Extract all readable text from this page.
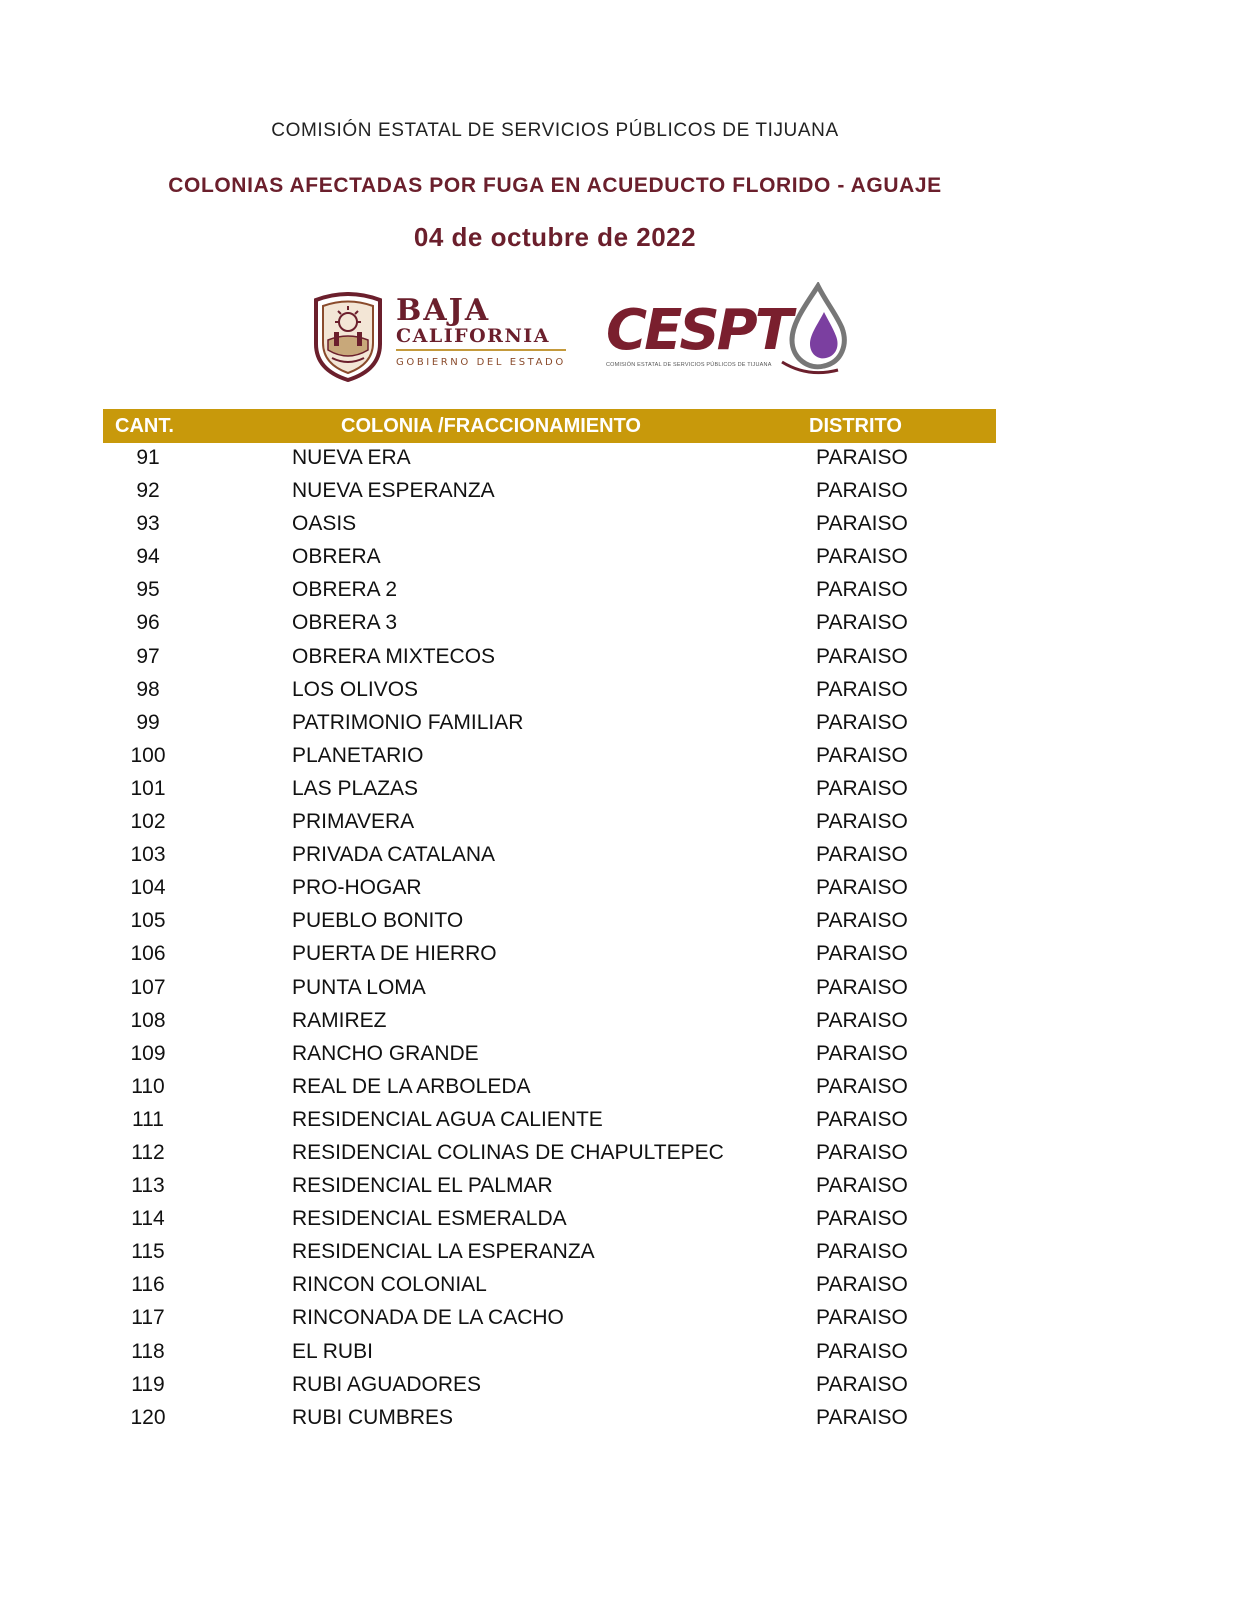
COMISIÓN ESTATAL DE SERVICIOS PÚBLICOS DE TIJUANA
COLONIAS AFECTADAS POR FUGA EN ACUEDUCTO FLORIDO - AGUAJE
04 de octubre de 2022
BAJA
CALIFORNIA
GOBIERNO DEL ESTADO CESPT
COMISIÓN ESTATAL DE SERVICIOS PÚBLICOS DE TIJUANA
CANT.	COLONIA /FRACCIONAMIENTO	DISTRITO
91	NUEVA ERA	PARAISO
92	NUEVA ESPERANZA	PARAISO
93	OASIS	PARAISO
94	OBRERA	PARAISO
95	OBRERA 2	PARAISO
96	OBRERA 3	PARAISO
97	OBRERA MIXTECOS	PARAISO
98	LOS OLIVOS	PARAISO
99	PATRIMONIO FAMILIAR	PARAISO
100	PLANETARIO	PARAISO
101	LAS PLAZAS	PARAISO
102	PRIMAVERA	PARAISO
103	PRIVADA CATALANA	PARAISO
104	PRO-HOGAR	PARAISO
105	PUEBLO BONITO	PARAISO
106	PUERTA DE HIERRO	PARAISO
107	PUNTA LOMA	PARAISO
108	RAMIREZ	PARAISO
109	RANCHO GRANDE	PARAISO
110	REAL DE LA ARBOLEDA	PARAISO
111	RESIDENCIAL AGUA CALIENTE	PARAISO
112	RESIDENCIAL COLINAS DE CHAPULTEPEC	PARAISO
113	RESIDENCIAL EL PALMAR	PARAISO
114	RESIDENCIAL ESMERALDA	PARAISO
115	RESIDENCIAL LA ESPERANZA	PARAISO
116	RINCON COLONIAL	PARAISO
117	RINCONADA DE LA CACHO	PARAISO
118	EL RUBI	PARAISO
119	RUBI AGUADORES	PARAISO
120	RUBI CUMBRES	PARAISO
